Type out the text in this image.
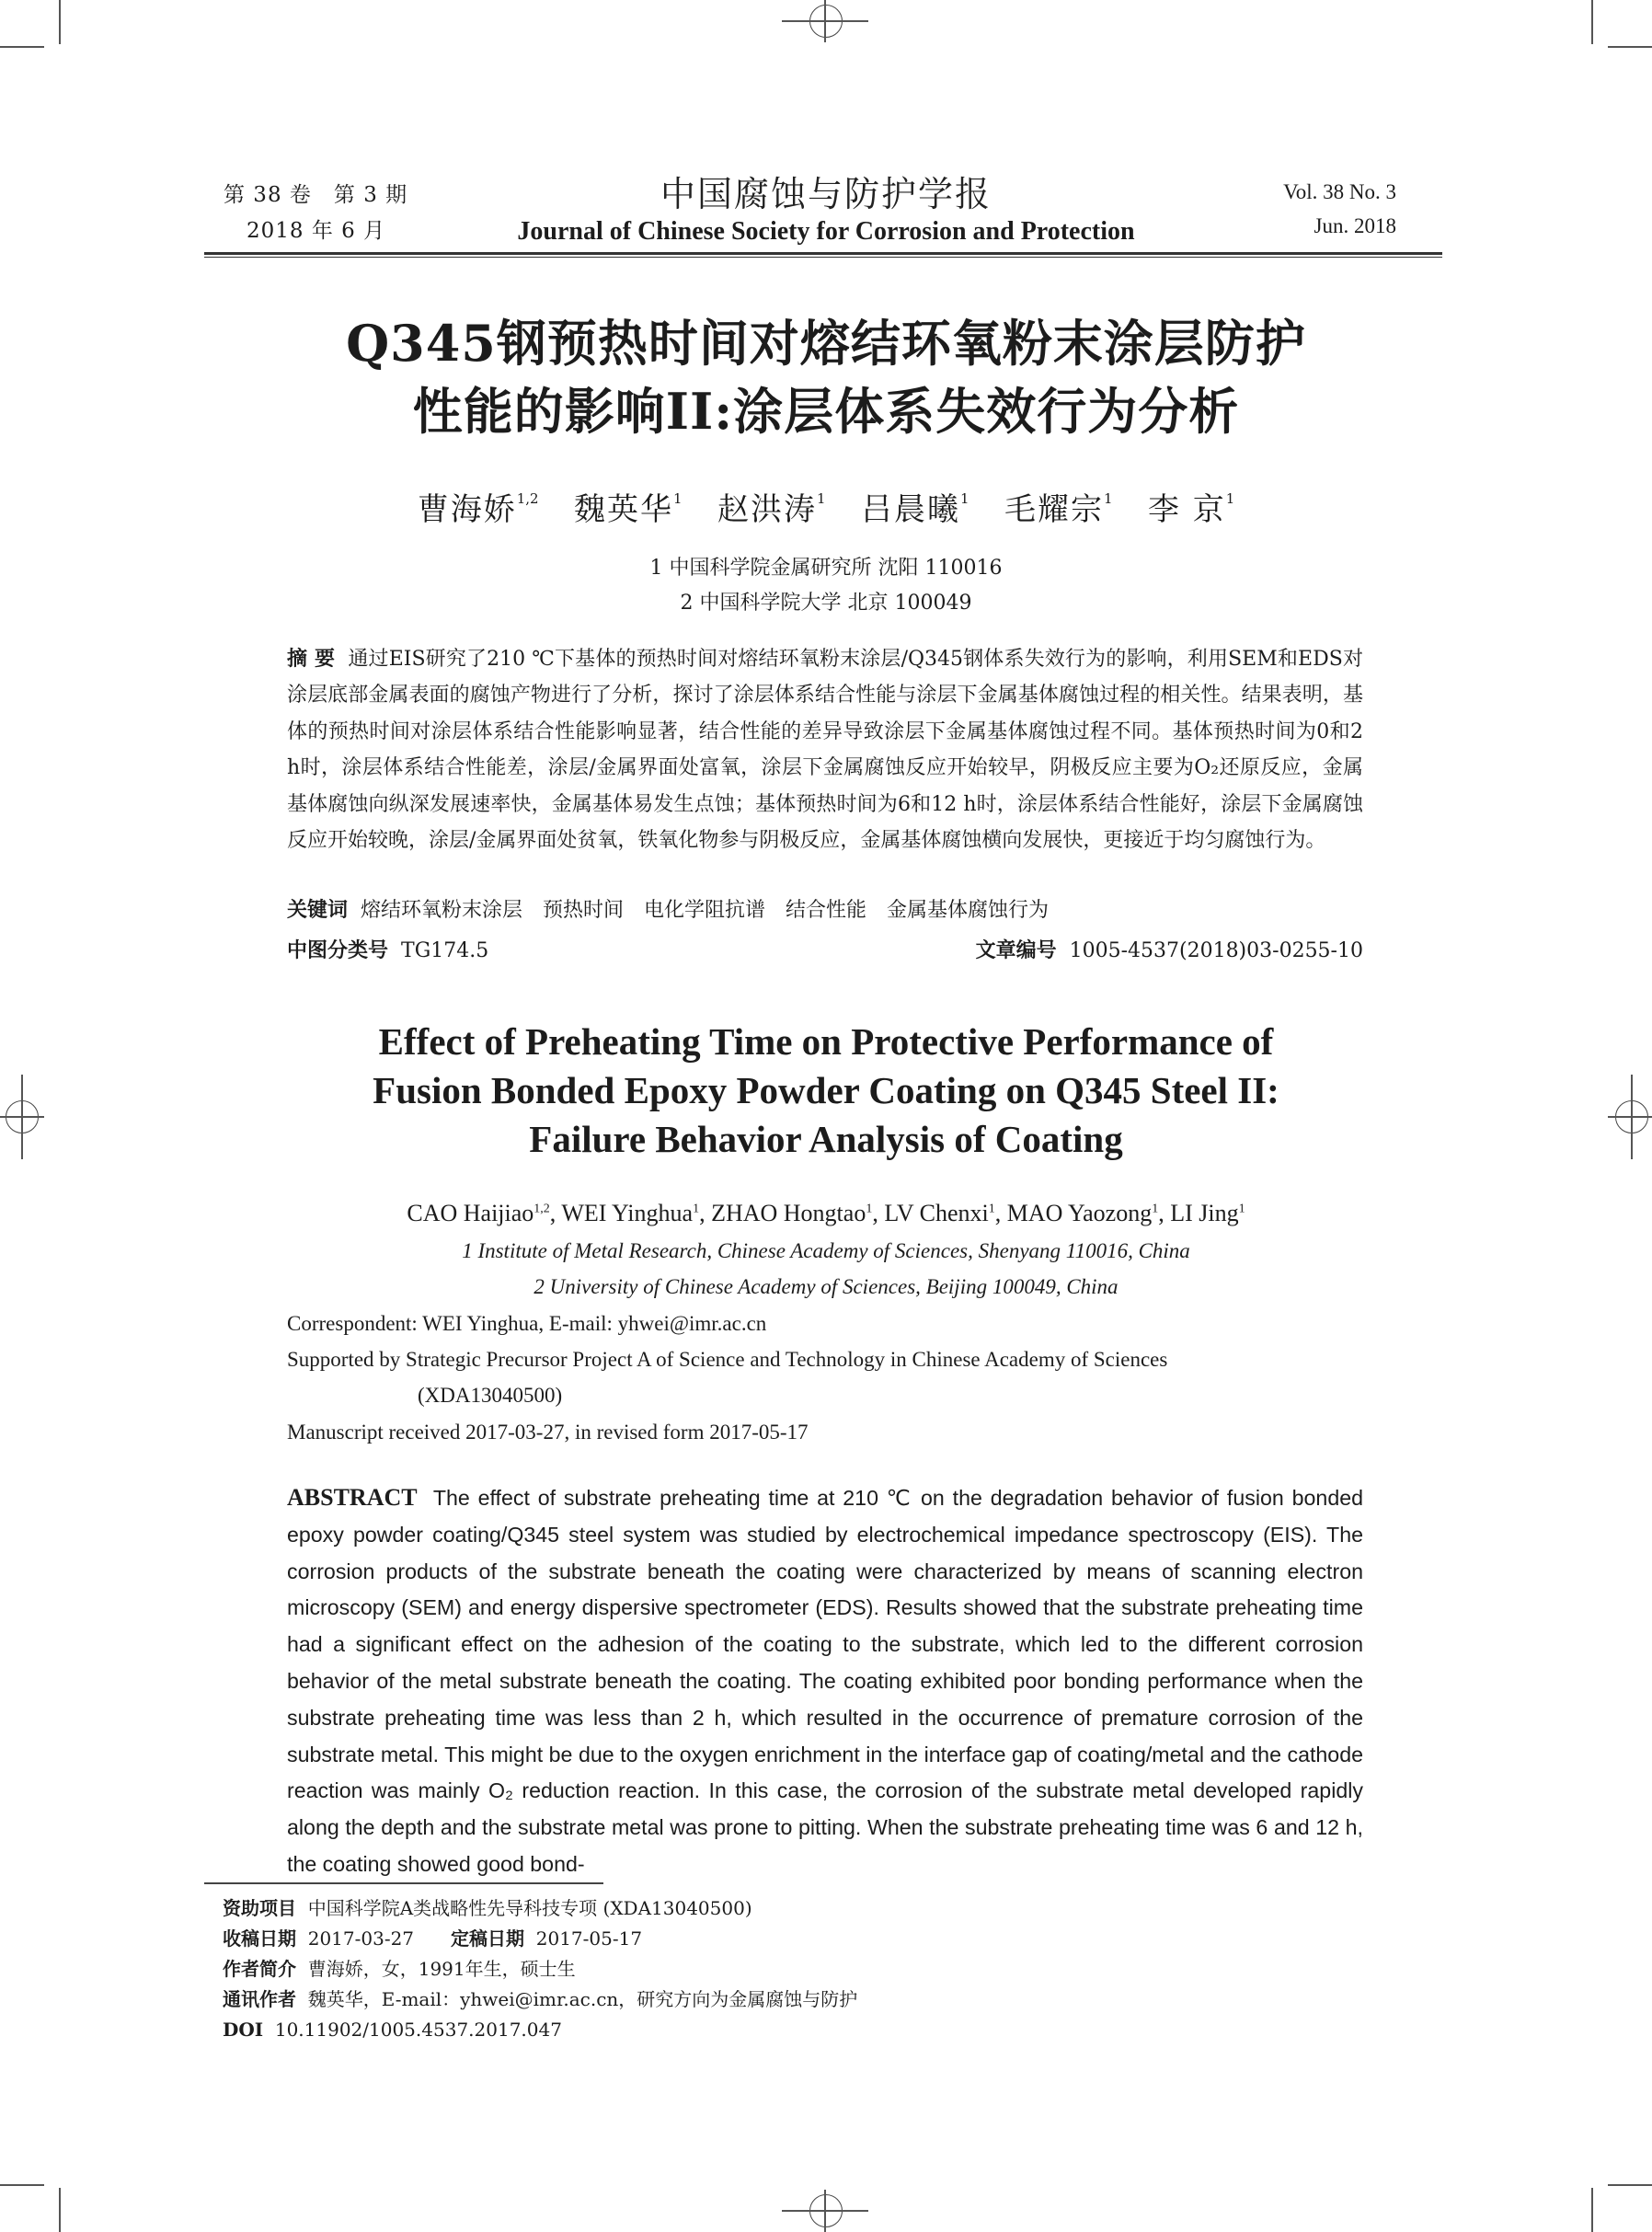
第 38 卷　第 3 期
2018 年 6 月
中国腐蚀与防护学报
Journal of Chinese Society for Corrosion and Protection
Vol. 38 No. 3
Jun. 2018
Q345钢预热时间对熔结环氧粉末涂层防护
性能的影响II:涂层体系失效行为分析
曹海娇$^{1,2}$ 魏英华$^1$ 赵洪涛$^1$ 吕晨曦$^1$ 毛耀宗$^1$ 李 京$^1$
1 中国科学院金属研究所 沈阳 110016
2 中国科学院大学 北京 100049
摘 要 通过EIS研究了210 ℃下基体的预热时间对熔结环氧粉末涂层/Q345钢体系失效行为的影响，利用SEM和EDS对涂层底部金属表面的腐蚀产物进行了分析，探讨了涂层体系结合性能与涂层下金属基体腐蚀过程的相关性。结果表明，基体的预热时间对涂层体系结合性能影响显著，结合性能的差异导致涂层下金属基体腐蚀过程不同。基体预热时间为0和2 h时，涂层体系结合性能差，涂层/金属界面处富氧，涂层下金属腐蚀反应开始较早，阴极反应主要为O₂还原反应，金属基体腐蚀向纵深发展速率快，金属基体易发生点蚀；基体预热时间为6和12 h时，涂层体系结合性能好，涂层下金属腐蚀反应开始较晚，涂层/金属界面处贫氧，铁氧化物参与阴极反应，金属基体腐蚀横向发展快，更接近于均匀腐蚀行为。
关键词 熔结环氧粉末涂层　预热时间　电化学阻抗谱　结合性能　金属基体腐蚀行为
中图分类号 TG174.5	文章编号 1005-4537(2018)03-0255-10
Effect of Preheating Time on Protective Performance of
Fusion Bonded Epoxy Powder Coating on Q345 Steel II:
Failure Behavior Analysis of Coating
CAO Haijiao$^{1,2}$, WEI Yinghua$^1$, ZHAO Hongtao$^1$, LV Chenxi$^1$, MAO Yaozong$^1$, LI Jing$^1$
1 Institute of Metal Research, Chinese Academy of Sciences, Shenyang 110016, China
2 University of Chinese Academy of Sciences, Beijing 100049, China
Correspondent: WEI Yinghua, E-mail: yhwei@imr.ac.cn
Supported by Strategic Precursor Project A of Science and Technology in Chinese Academy of Sciences
(XDA13040500)
Manuscript received 2017-03-27, in revised form 2017-05-17
ABSTRACT The effect of substrate preheating time at 210 ℃ on the degradation behavior of fusion bonded epoxy powder coating/Q345 steel system was studied by electrochemical impedance spectroscopy (EIS). The corrosion products of the substrate beneath the coating were characterized by means of scanning electron microscopy (SEM) and energy dispersive spectrometer (EDS). Results showed that the substrate preheating time had a significant effect on the adhesion of the coating to the substrate, which led to the different corrosion behavior of the metal substrate beneath the coating. The coating exhibited poor bonding performance when the substrate preheating time was less than 2 h, which resulted in the occurrence of premature corrosion of the substrate metal. This might be due to the oxygen enrichment in the interface gap of coating/metal and the cathode reaction was mainly O₂ reduction reaction. In this case, the corrosion of the substrate metal developed rapidly along the depth and the substrate metal was prone to pitting. When the substrate preheating time was 6 and 12 h, the coating showed good bond-
资助项目 中国科学院A类战略性先导科技专项 (XDA13040500)
收稿日期 2017-03-27　　定稿日期 2017-05-17
作者简介 曹海娇，女，1991年生，硕士生
通讯作者 魏英华，E-mail：yhwei@imr.ac.cn，研究方向为金属腐蚀与防护
DOI 10.11902/1005.4537.2017.047
